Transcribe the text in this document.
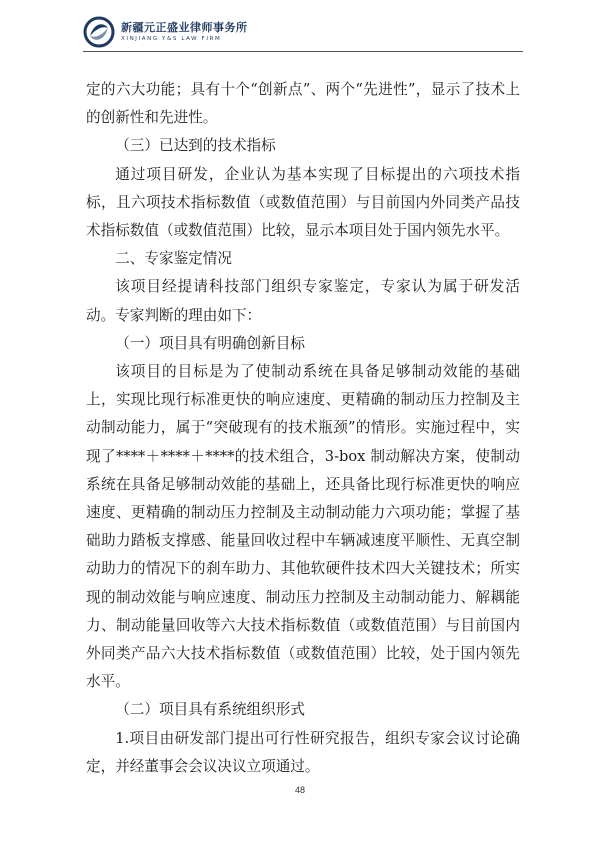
新疆元正盛业律师事务所
XINJIANG Y&S LAW FIRM

定的六大功能；具有十个“创新点”、两个“先进性”，显示了技术上的创新性和先进性。

（三）已达到的技术指标

通过项目研发，企业认为基本实现了目标提出的六项技术指标，且六项技术指标数值（或数值范围）与目前国内外同类产品技术指标数值（或数值范围）比较，显示本项目处于国内领先水平。

二、专家鉴定情况

该项目经提请科技部门组织专家鉴定，专家认为属于研发活动。专家判断的理由如下：

（一）项目具有明确创新目标

该项目的目标是为了使制动系统在具备足够制动效能的基础上，实现比现行标准更快的响应速度、更精确的制动压力控制及主动制动能力，属于“突破现有的技术瓶颈”的情形。实施过程中，实现了****＋****＋****的技术组合，3-box 制动解决方案，使制动系统在具备足够制动效能的基础上，还具备比现行标准更快的响应速度、更精确的制动压力控制及主动制动能力六项功能；掌握了基础助力踏板支撑感、能量回收过程中车辆减速度平顺性、无真空制动助力的情况下的刹车助力、其他软硬件技术四大关键技术；所实现的制动效能与响应速度、制动压力控制及主动制动能力、解耦能力、制动能量回收等六大技术指标数值（或数值范围）与目前国内外同类产品六大技术指标数值（或数值范围）比较，处于国内领先水平。

（二）项目具有系统组织形式

1.项目由研发部门提出可行性研究报告，组织专家会议讨论确定，并经董事会会议决议立项通过。

48
